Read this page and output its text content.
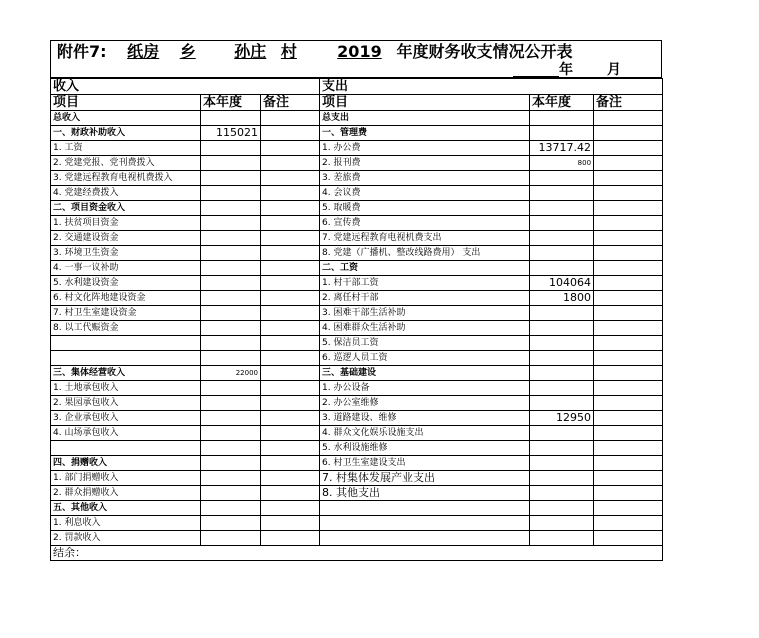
附件7: 纸房 乡 孙庄 村	2019 年度财务收支情况公开表
年 月
收入			支出		
项目	本年度	备注	项目	本年度	备注
总收入			总支出		
一、财政补助收入	115021		一、管理费		
1. 工资			1. 办公费	13717.42	
2. 党建党报、党刊费拨入			2. 报刊费	800	
3. 党建远程教育电视机费拨入			3. 差旅费		
4. 党建经费拨入			4. 会议费		
二、项目资金收入			5. 取暖费		
1. 扶贫项目资金			6. 宣传费		
2. 交通建设资金			7. 党建远程教育电视机费支出		
3. 环境卫生资金			8. 党建（广播机、整改线路费用） 支出		
4. 一事一议补助			二、工资		
5. 水利建设资金			1. 村干部工资	104064	
6. 村文化阵地建设资金			2. 离任村干部	1800	
7. 村卫生室建设资金			3. 困难干部生活补助		
8. 以工代赈资金			4. 困难群众生活补助		
			5. 保洁员工资		
			6. 巡逻人员工资		
三、集体经营收入	22000		三、基础建设		
1. 土地承包收入			1. 办公设备		
2. 果园承包收入			2. 办公室维修		
3. 企业承包收入			3. 道路建设、维修	12950	
4. 山场承包收入			4. 群众文化娱乐设施支出		
			5. 水利设施维修		
四、捐赠收入			6. 村卫生室建设支出		
1. 部门捐赠收入			7. 村集体发展产业支出		
2. 群众捐赠收入			8. 其他支出		
五、其他收入					
1. 利息收入					
2. 罚款收入					
结余：					
